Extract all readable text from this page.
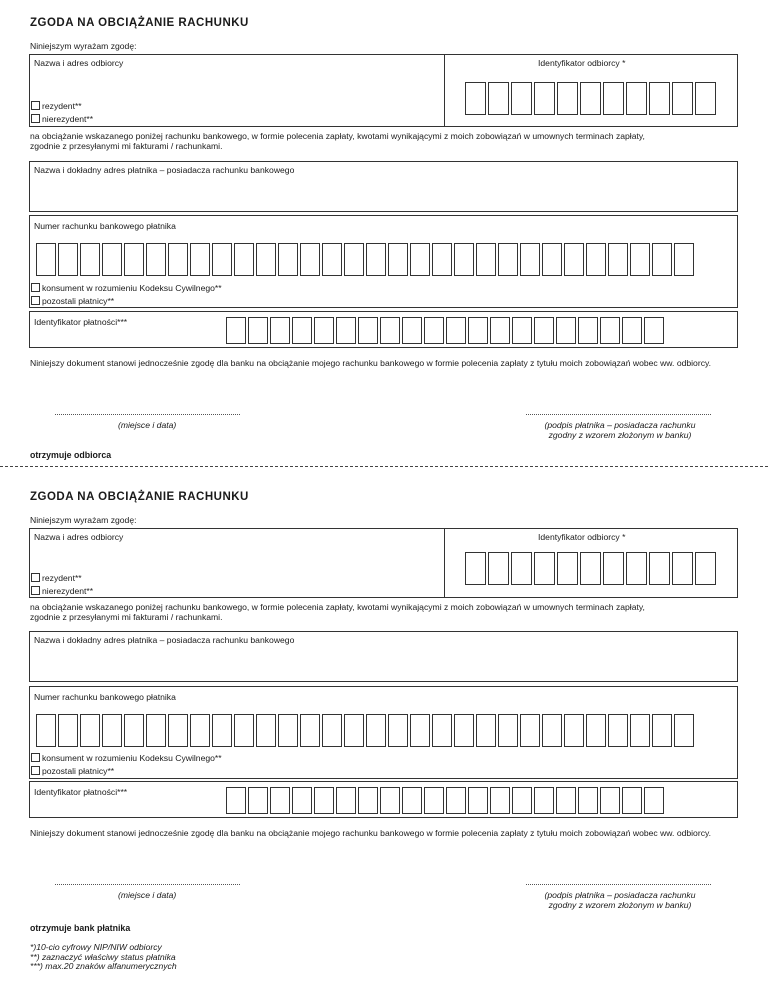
ZGODA NA OBCIĄŻANIE RACHUNKU
Niniejszym wyrażam zgodę:
Nazwa i adres odbiorcy	Identyfikator odbiorcy *
rezydent**
nierezydent**
na obciążanie wskazanego poniżej rachunku bankowego, w formie polecenia zapłaty, kwotami wynikającymi z moich zobowiązań w umownych terminach zapłaty,
zgodnie z przesyłanymi mi fakturami / rachunkami.
Nazwa i dokładny adres płatnika – posiadacza rachunku bankowego
Numer rachunku bankowego płatnika
konsument w rozumieniu Kodeksu Cywilnego**
pozostali płatnicy**
Identyfikator płatności***
Niniejszy dokument stanowi jednocześnie zgodę dla banku na obciążanie mojego rachunku bankowego w formie polecenia zapłaty z tytułu moich zobowiązań wobec ww. odbiorcy.
(miejsce i data)	(podpis płatnika – posiadacza rachunku
zgodny z wzorem złożonym w banku)
otrzymuje odbiorca
ZGODA NA OBCIĄŻANIE RACHUNKU
Niniejszym wyrażam zgodę:
Nazwa i adres odbiorcy	Identyfikator odbiorcy *
rezydent**
nierezydent**
na obciążanie wskazanego poniżej rachunku bankowego, w formie polecenia zapłaty, kwotami wynikającymi z moich zobowiązań w umownych terminach zapłaty,
zgodnie z przesyłanymi mi fakturami / rachunkami.
Nazwa i dokładny adres płatnika – posiadacza rachunku bankowego
Numer rachunku bankowego płatnika
konsument w rozumieniu Kodeksu Cywilnego**
pozostali płatnicy**
Identyfikator płatności***
Niniejszy dokument stanowi jednocześnie zgodę dla banku na obciążanie mojego rachunku bankowego w formie polecenia zapłaty z tytułu moich zobowiązań wobec ww. odbiorcy.
(miejsce i data)	(podpis płatnika – posiadacza rachunku
zgodny z wzorem złożonym w banku)
otrzymuje bank płatnika
*)10-cio cyfrowy NIP/NIW odbiorcy
**) zaznaczyć właściwy status płatnika
***) max.20 znaków alfanumerycznych
